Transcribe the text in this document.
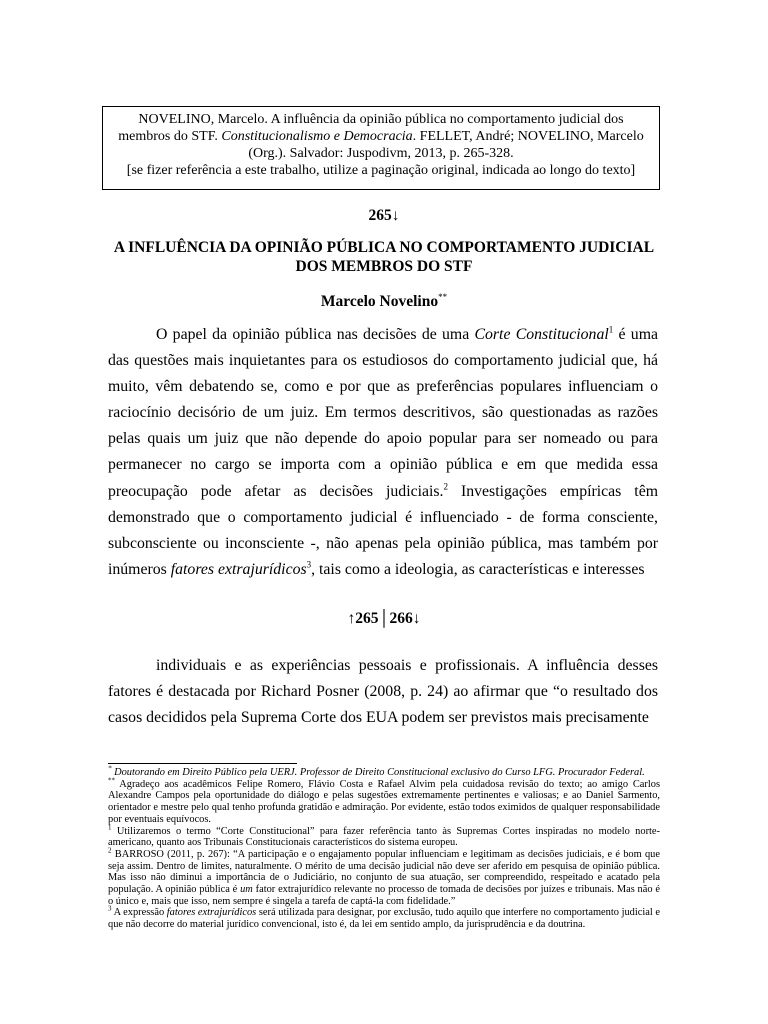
NOVELINO, Marcelo. A influência da opinião pública no comportamento judicial dos membros do STF. Constitucionalismo e Democracia. FELLET, André; NOVELINO, Marcelo (Org.). Salvador: Juspodivm, 2013, p. 265-328.
[se fizer referência a este trabalho, utilize a paginação original, indicada ao longo do texto]
265↓
A INFLUÊNCIA DA OPINIÃO PÚBLICA NO COMPORTAMENTO JUDICIAL DOS MEMBROS DO STF
Marcelo Novelino**
O papel da opinião pública nas decisões de uma Corte Constitucional$^1$ é uma das questões mais inquietantes para os estudiosos do comportamento judicial que, há muito, vêm debatendo se, como e por que as preferências populares influenciam o raciocínio decisório de um juiz. Em termos descritivos, são questionadas as razões pelas quais um juiz que não depende do apoio popular para ser nomeado ou para permanecer no cargo se importa com a opinião pública e em que medida essa preocupação pode afetar as decisões judiciais.$^2$ Investigações empíricas têm demonstrado que o comportamento judicial é influenciado - de forma consciente, subconsciente ou inconsciente -, não apenas pela opinião pública, mas também por inúmeros fatores extrajurídicos$^3$, tais como a ideologia, as características e interesses
↑265│266↓
individuais e as experiências pessoais e profissionais. A influência desses fatores é destacada por Richard Posner (2008, p. 24) ao afirmar que “o resultado dos casos decididos pela Suprema Corte dos EUA podem ser previstos mais precisamente

* Doutorando em Direito Público pela UERJ. Professor de Direito Constitucional exclusivo do Curso LFG. Procurador Federal.

** Agradeço aos acadêmicos Felipe Romero, Flávio Costa e Rafael Alvim pela cuidadosa revisão do texto; ao amigo Carlos Alexandre Campos pela oportunidade do diálogo e pelas sugestões extremamente pertinentes e valiosas; e ao Daniel Sarmento, orientador e mestre pelo qual tenho profunda gratidão e admiração. Por evidente, estão todos eximidos de qualquer responsabilidade por eventuais equívocos.

$^1$ Utilizaremos o termo “Corte Constitucional” para fazer referência tanto às Supremas Cortes inspiradas no modelo norte-americano, quanto aos Tribunais Constitucionais característicos do sistema europeu.

$^2$ BARROSO (2011, p. 267): “A participação e o engajamento popular influenciam e legitimam as decisões judiciais, e é bom que seja assim. Dentro de limites, naturalmente. O mérito de uma decisão judicial não deve ser aferido em pesquisa de opinião pública. Mas isso não diminui a importância de o Judiciário, no conjunto de sua atuação, ser compreendido, respeitado e acatado pela população. A opinião pública é um fator extrajurídico relevante no processo de tomada de decisões por juízes e tribunais. Mas não é o único e, mais que isso, nem sempre é singela a tarefa de captá-la com fidelidade.”

$^3$ A expressão fatores extrajurídicos será utilizada para designar, por exclusão, tudo aquilo que interfere no comportamento judicial e que não decorre do material jurídico convencional, isto é, da lei em sentido amplo, da jurisprudência e da doutrina.
